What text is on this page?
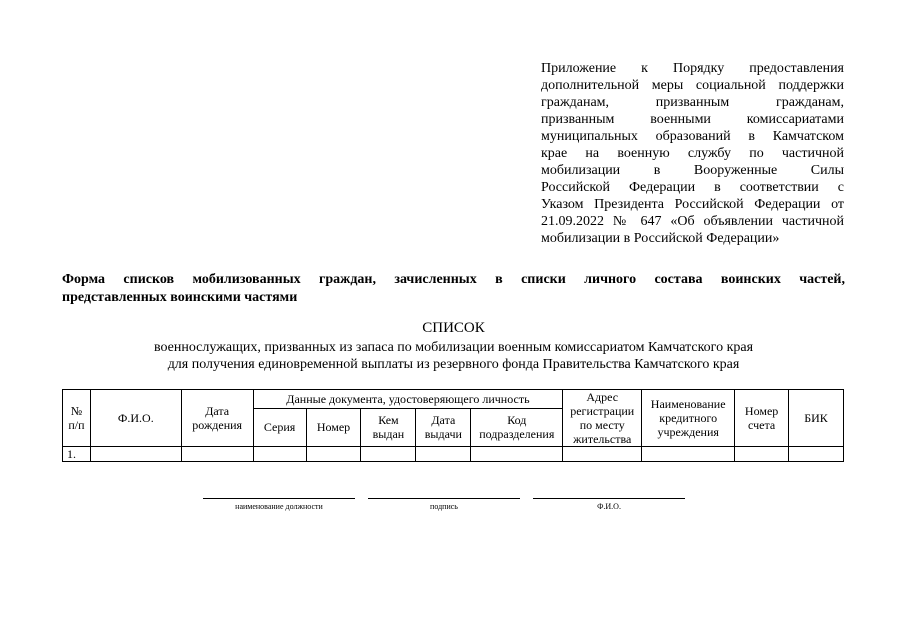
Приложение к Порядку предоставления

дополнительной меры социальной поддержки

гражданам, призванным гражданам,

призванным военными комиссариатами

муниципальных образований в Камчатском

крае на военную службу по частичной

мобилизации в Вооруженные Силы

Российской Федерации в соответствии с

Указом Президента Российской Федерации от

21.09.2022 № 647 «Об объявлении частичной

мобилизации в Российской Федерации»

Форма списков мобилизованных граждан, зачисленных в списки личного состава воинских частей,
представленных воинскими частями
СПИСОК
военнослужащих, призванных из запаса по мобилизации военным комиссариатом Камчатского края
для получения единовременной выплаты из резервного фонда Правительства Камчатского края
№ п/п	Ф.И.О.	Дата рождения	Данные документа, удостоверяющего личность					Адрес регистрации по месту жительства	Наименование кредитного учреждения	Номер счета	БИК
			Серия	Номер	Кем выдан	Дата выдачи	Код подразделения				
1.											
наименование должности	подпись	Ф.И.О.
